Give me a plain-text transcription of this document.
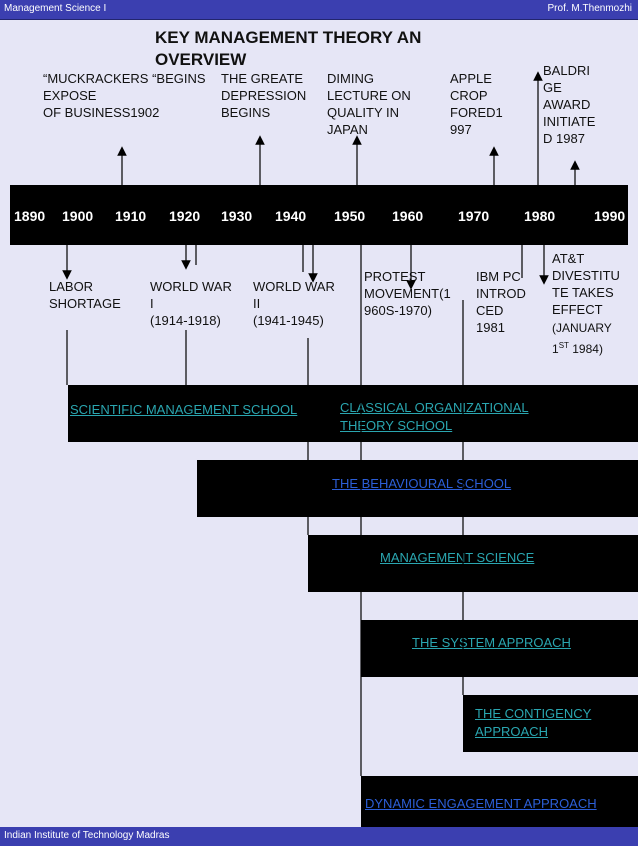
Management Science I	Prof. M.Thenmozhi
KEY MANAGEMENT THEORY AN OVERVIEW
“MUCKRACKERS “BEGINS
EXPOSE
OF BUSINESS1902
THE GREATE
DEPRESSION
BEGINS
DIMING
LECTURE ON
QUALITY IN
JAPAN
APPLE
CROP
FORED1
997
BALDRI
GE
AWARD
INITIATE
D 1987
1890 1900 1910 1920 1930 1940 1950 1960 1970 1980	1990
LABOR
SHORTAGE
WORLD WAR
I
(1914-1918)
WORLD WAR
II
(1941-1945)
PROTEST
MOVEMENT(1
960S-1970)
IBM PC
INTROD
CED
1981
AT&T
DIVESTITU
TE TAKES
EFFECT
(JANUARY
1ST 1984)
SCIENTIFIC MANAGEMENT SCHOOL	CLASSICAL ORGANIZATIONAL THEORY SCHOOL
THE BEHAVIOURAL SCHOOL
MANAGEMENT SCIENCE
THE SYSTEM APPROACH
THE CONTIGENCY APPROACH
DYNAMIC ENGAGEMENT APPROACH
Indian Institute of Technology Madras
